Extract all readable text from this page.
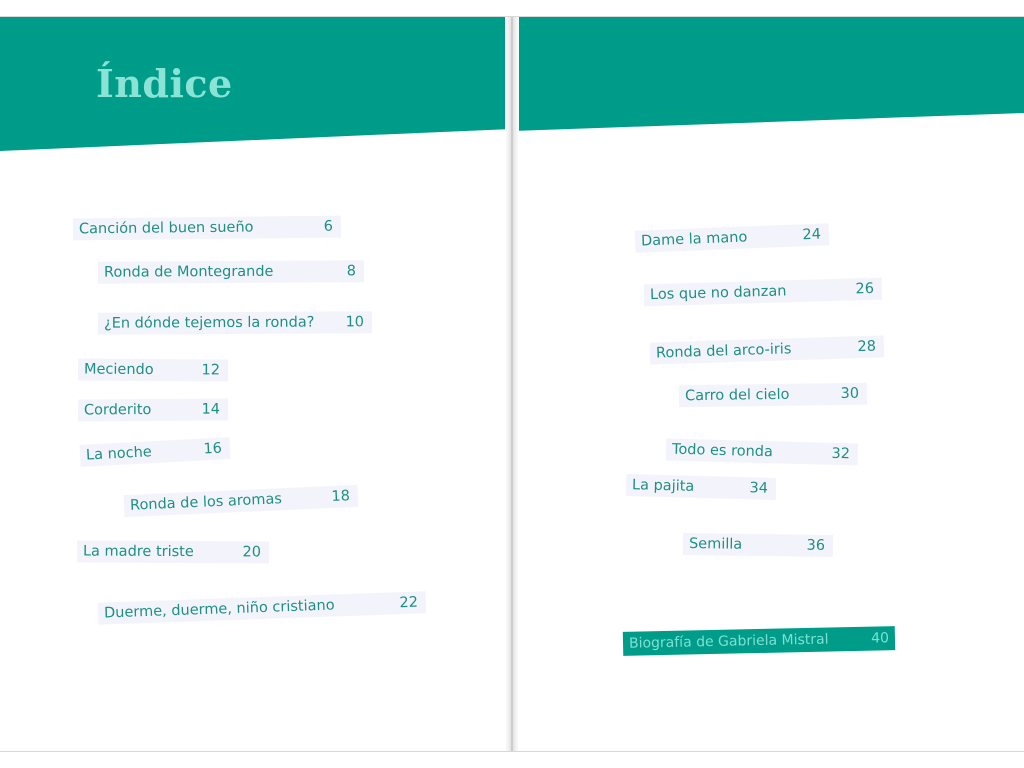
Índice
Canción del buen sueño	6
Ronda de Montegrande	8
¿En dónde tejemos la ronda? 10
Meciendo	12
Corderito	14
La noche	16
Ronda de los aromas	18
La madre triste	20
Duerme, duerme, niño cristiano	22
Dame la mano	24
Los que no danzan	26
Ronda del arco-iris	28
Carro del cielo	30
Todo es ronda	32
La pajita	34
Semilla	36
Biografía de Gabriela Mistral	40
